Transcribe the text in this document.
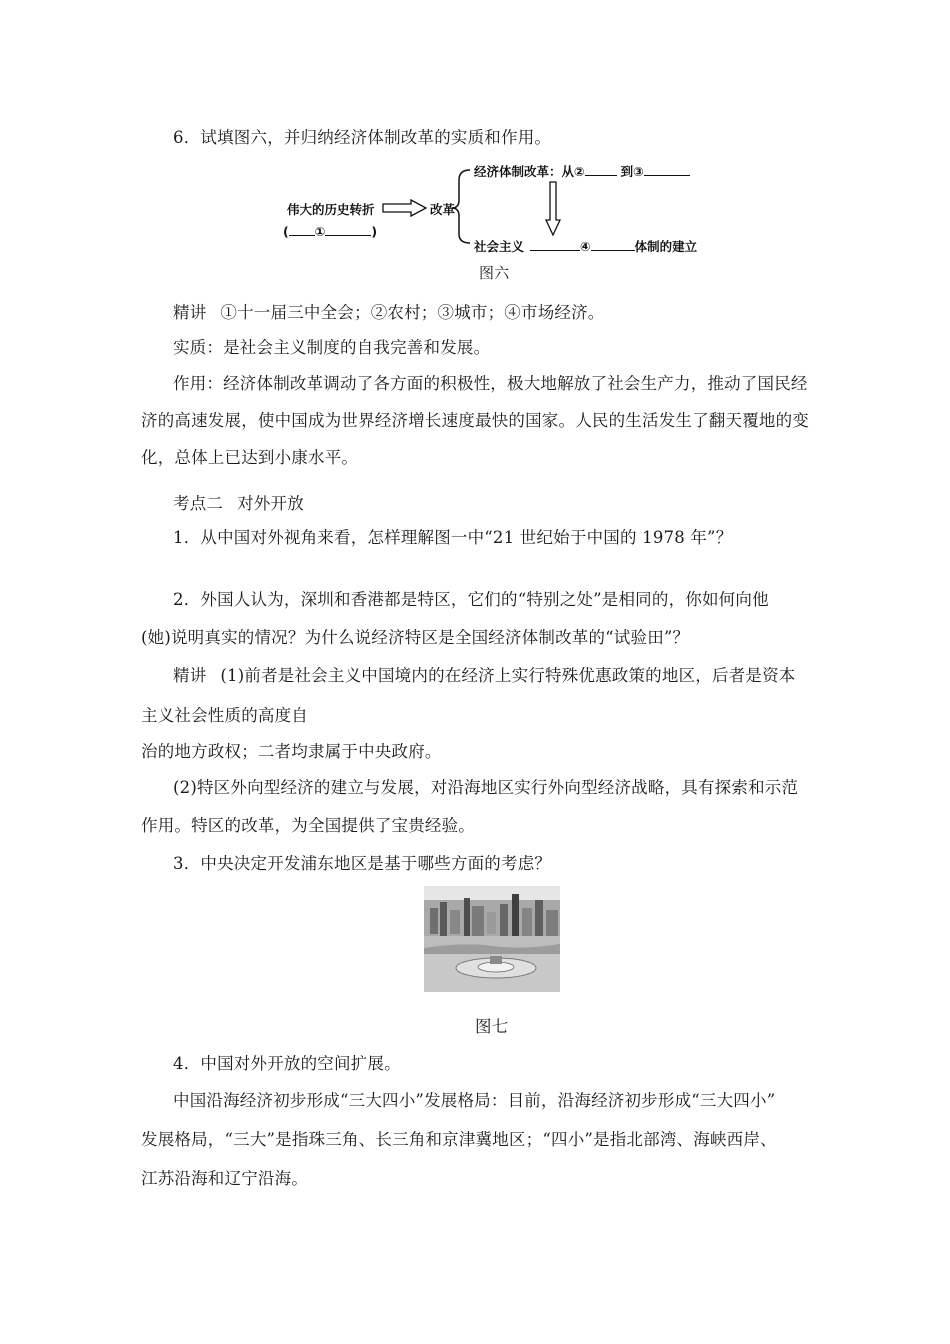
6．试填图六，并归纳经济体制改革的实质和作用。
伟大的历史转折
( ①	)
改革
经济体制改革：从②	到③
社会主义	④	体制的建立
图六
精讲 ①十一届三中全会；②农村；③城市；④市场经济。
实质：是社会主义制度的自我完善和发展。
作用：经济体制改革调动了各方面的积极性，极大地解放了社会生产力，推动了国民经
济的高速发展，使中国成为世界经济增长速度最快的国家。人民的生活发生了翻天覆地的变
化，总体上已达到小康水平。
考点二 对外开放
1．从中国对外视角来看，怎样理解图一中“21 世纪始于中国的 1978 年”？
2．外国人认为，深圳和香港都是特区，它们的“特别之处”是相同的，你如何向他
(她)说明真实的情况？为什么说经济特区是全国经济体制改革的“试验田”？
精讲 (1)前者是社会主义中国境内的在经济上实行特殊优惠政策的地区，后者是资本
主义社会性质的高度自
治的地方政权；二者均隶属于中央政府。
(2)特区外向型经济的建立与发展，对沿海地区实行外向型经济战略，具有探索和示范
作用。特区的改革，为全国提供了宝贵经验。
3．中央决定开发浦东地区是基于哪些方面的考虑？
图七
4．中国对外开放的空间扩展。
中国沿海经济初步形成“三大四小”发展格局：目前，沿海经济初步形成“三大四小”
发展格局，“三大”是指珠三角、长三角和京津冀地区；“四小”是指北部湾、海峡西岸、
江苏沿海和辽宁沿海。
